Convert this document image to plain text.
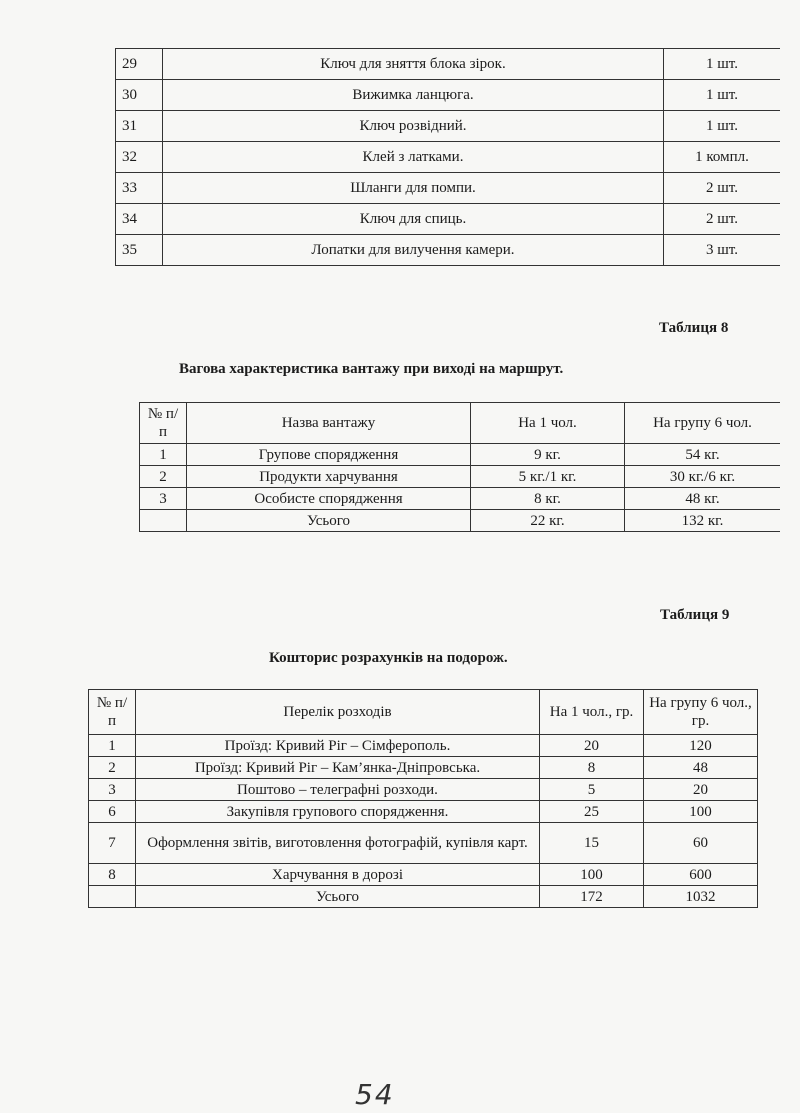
29	Ключ для зняття блока зірок.	1 шт.
30	Вижимка ланцюга.	1 шт.
31	Ключ розвідний.	1 шт.
32	Клей з латками.	1 компл.
33	Шланги для помпи.	2 шт.
34	Ключ для спиць.	2 шт.
35	Лопатки для вилучення камери.	3 шт.
Таблиця 8
Вагова характеристика вантажу при виході на маршрут.
№ п/п	Назва вантажу	На 1 чол.	На групу 6 чол.
1	Групове спорядження	9 кг.	54 кг.
2	Продукти харчування	5 кг./1 кг.	30 кг./6 кг.
3	Особисте спорядження	8 кг.	48 кг.
	Усього	22 кг.	132 кг.
Таблиця 9
Кошторис розрахунків на подорож.
№ п/п	Перелік розходів	На 1 чол., гр.	На групу 6 чол., гр.
1	Проїзд: Кривий Ріг – Сімферополь.	20	120
2	Проїзд: Кривий Ріг – Кам’янка-Дніпровська.	8	48
3	Поштово – телеграфні розходи.	5	20
6	Закупівля групового спорядження.	25	100
7	Оформлення звітів, виготовлення фотографій, купівля карт.	15	60
8	Харчування в дорозі	100	600
	Усього	172	1032
54
